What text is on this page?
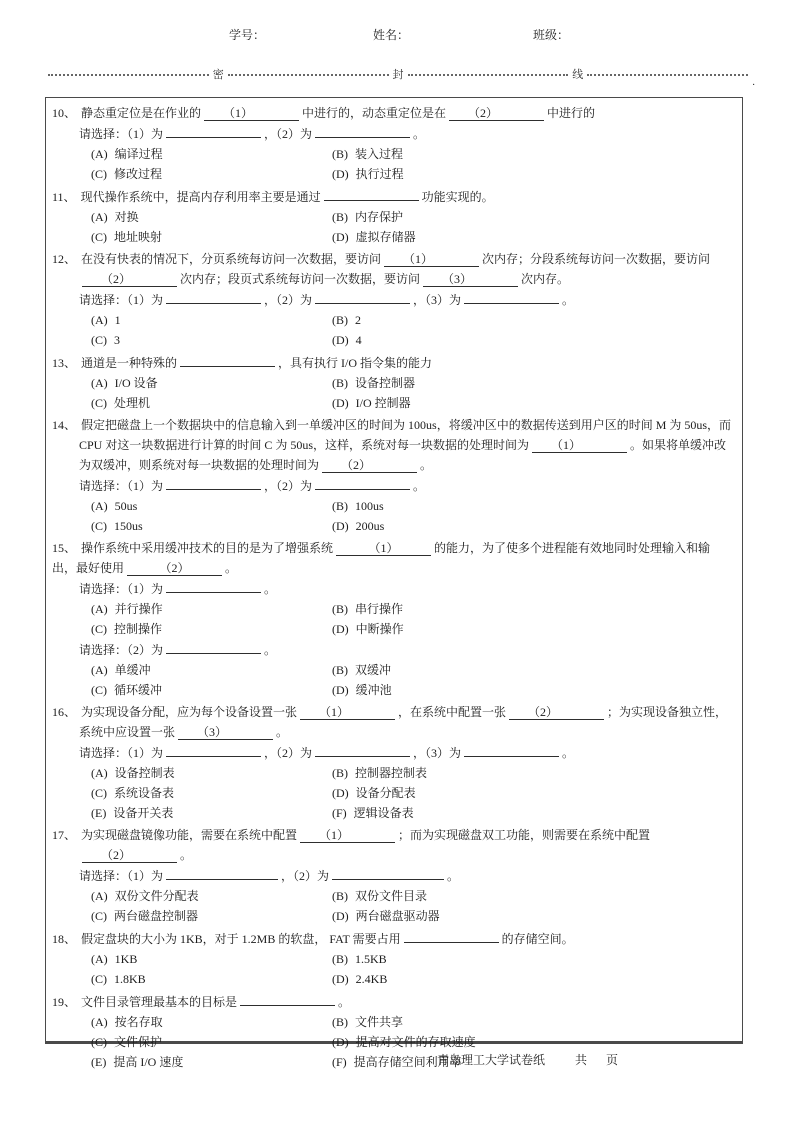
学号：	姓名：	班级：
密	封	线
.
10、 静态重定位是在作业的 （1）	中进行的，动态重定位是在 （2）	中进行的
请选择：（1）为	，（2）为	。
(A) 编译过程	(B) 装入过程
(C) 修改过程	(D) 执行过程
11、 现代操作系统中，提高内存利用率主要是通过	功能实现的。
(A) 对换	(B) 内存保护
(C) 地址映射	(D) 虚拟存储器
12、 在没有快表的情况下，分页系统每访问一次数据，要访问 （1）	次内存；分段系统每访问一次数据，要访问（2）	次内存；段页式系统每访问一次数据，要访问 （3）	次内存。
请选择：（1）为	，（2）为	，（3）为	。
(A) 1	(B) 2
(C) 3	(D) 4
13、 通道是一种特殊的	，具有执行 I/O 指令集的能力
(A) I/O 设备	(B) 设备控制器
(C) 处理机	(D) I/O 控制器
14、 假定把磁盘上一个数据块中的信息输入到一单缓冲区的时间为 100us，将缓冲区中的数据传送到用户区的时间 M 为 50us，而 CPU 对这一块数据进行计算的时间 C 为 50us，这样，系统对每一块数据的处理时间为 （1）	。如果将单缓冲改为双缓冲，则系统对每一块数据的处理时间为 （2）	。
请选择：（1）为	，（2）为	。
(A) 50us	(B) 100us
(C) 150us	(D) 200us
15、 操作系统中采用缓冲技术的目的是为了增强系统	（1）	的能力，为了使多个进程能有效地同时处理输入和输出，最好使用	（2）	。
请选择：（1）为	。
(A) 并行操作	(B) 串行操作
(C) 控制操作	(D) 中断操作
请选择：（2）为	。
(A) 单缓冲	(B) 双缓冲
(C) 循环缓冲	(D) 缓冲池
16、 为实现设备分配，应为每个设备设置一张 （1）	，在系统中配置一张 （2）	；为实现设备独立性，系统中应设置一张 （3）	。
请选择：（1）为	，（2）为	，（3）为	。
(A) 设备控制表	(B) 控制器控制表
(C) 系统设备表	(D) 设备分配表
(E) 设备开关表	(F) 逻辑设备表
17、 为实现磁盘镜像功能，需要在系统中配置 （1）	；而为实现磁盘双工功能，则需要在系统中配置（2）	。
请选择：（1）为	，（2）为	。
(A) 双份文件分配表	(B) 双份文件目录
(C) 两台磁盘控制器	(D) 两台磁盘驱动器
18、 假定盘块的大小为 1KB，对于 1.2MB 的软盘， FAT 需要占用	的存储空间。
(A) 1KB	(B) 1.5KB
(C) 1.8KB	(D) 2.4KB
19、 文件目录管理最基本的目标是	。
(A) 按名存取	(B) 文件共享
(C) 文件保护	(D) 提高对文件的存取速度
(E) 提高 I/O 速度	(F) 提高存储空间利用率
青岛理工大学试卷纸	共 页
